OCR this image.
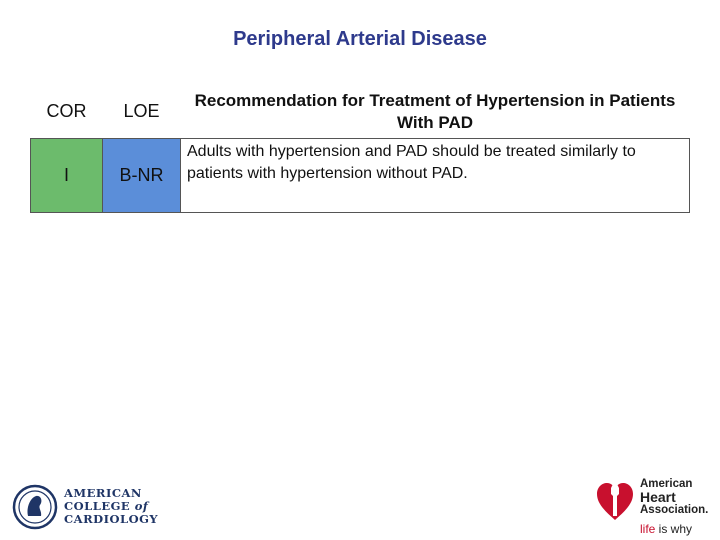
Peripheral Arterial Disease
COR	LOE	Recommendation for Treatment of Hypertension in Patients With PAD
I	B-NR	Adults with hypertension and PAD should be treated similarly to patients with hypertension without PAD.
AMERICAN
COLLEGE of
CARDIOLOGY
American
Heart
Association.
life is why
